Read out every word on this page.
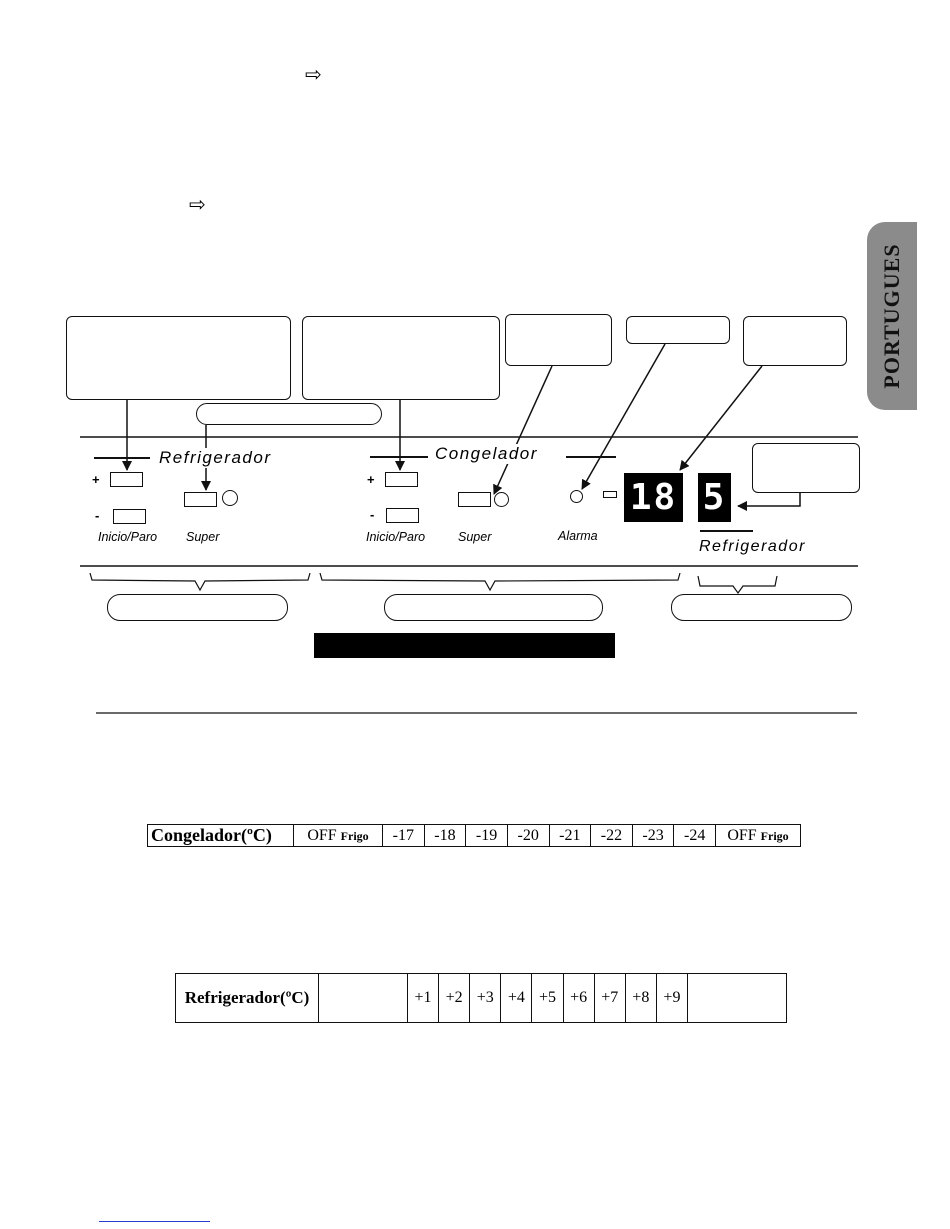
PORTUGUES
⇨
⇨
Refrigerador	Congelador
+
-
Inicio/Paro Super
+
-
Inicio/Paro	Super	Alarma
18 5
Refrigerador
Congelador(ºC)	OFF Frigo	-17	-18	-19	-20	-21	-22	-23	-24	OFF Frigo
Refrigerador(ºC)		+1	+2	+3	+4	+5	+6	+7	+8	+9	
